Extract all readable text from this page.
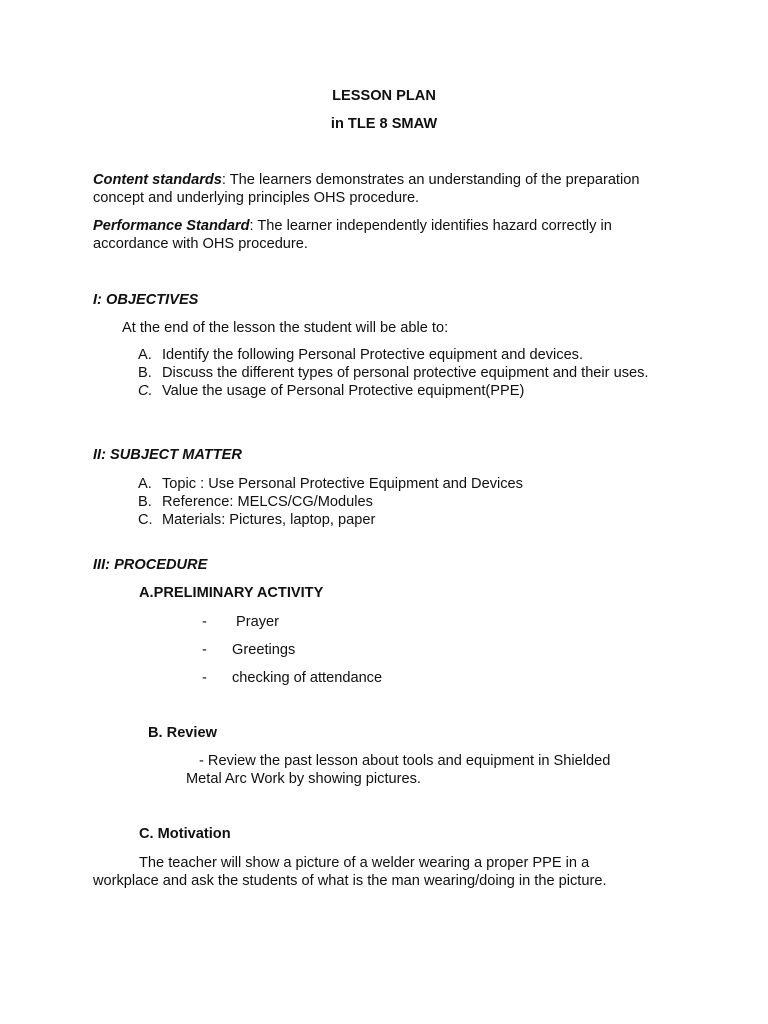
LESSON PLAN
in TLE 8 SMAW

Content standards: The learners demonstrates an understanding of the preparation concept and underlying principles OHS procedure.

Performance Standard: The learner independently identifies hazard correctly in accordance with OHS procedure.

I: OBJECTIVES
At the end of the lesson the student will be able to:
A. Identify the following Personal Protective equipment and devices.
B. Discuss the different types of personal protective equipment and their uses.
C. Value the usage of Personal Protective equipment(PPE)
II: SUBJECT MATTER
A. Topic : Use Personal Protective Equipment and Devices
B. Reference: MELCS/CG/Modules
C. Materials: Pictures, laptop, paper
III: PROCEDURE
A.PRELIMINARY ACTIVITY
- Prayer
- Greetings
- checking of attendance
B. Review
- Review the past lesson about tools and equipment in Shielded
Metal Arc Work by showing pictures.
C. Motivation
The teacher will show a picture of a welder wearing a proper PPE in a
workplace and ask the students of what is the man wearing/doing in the picture.
